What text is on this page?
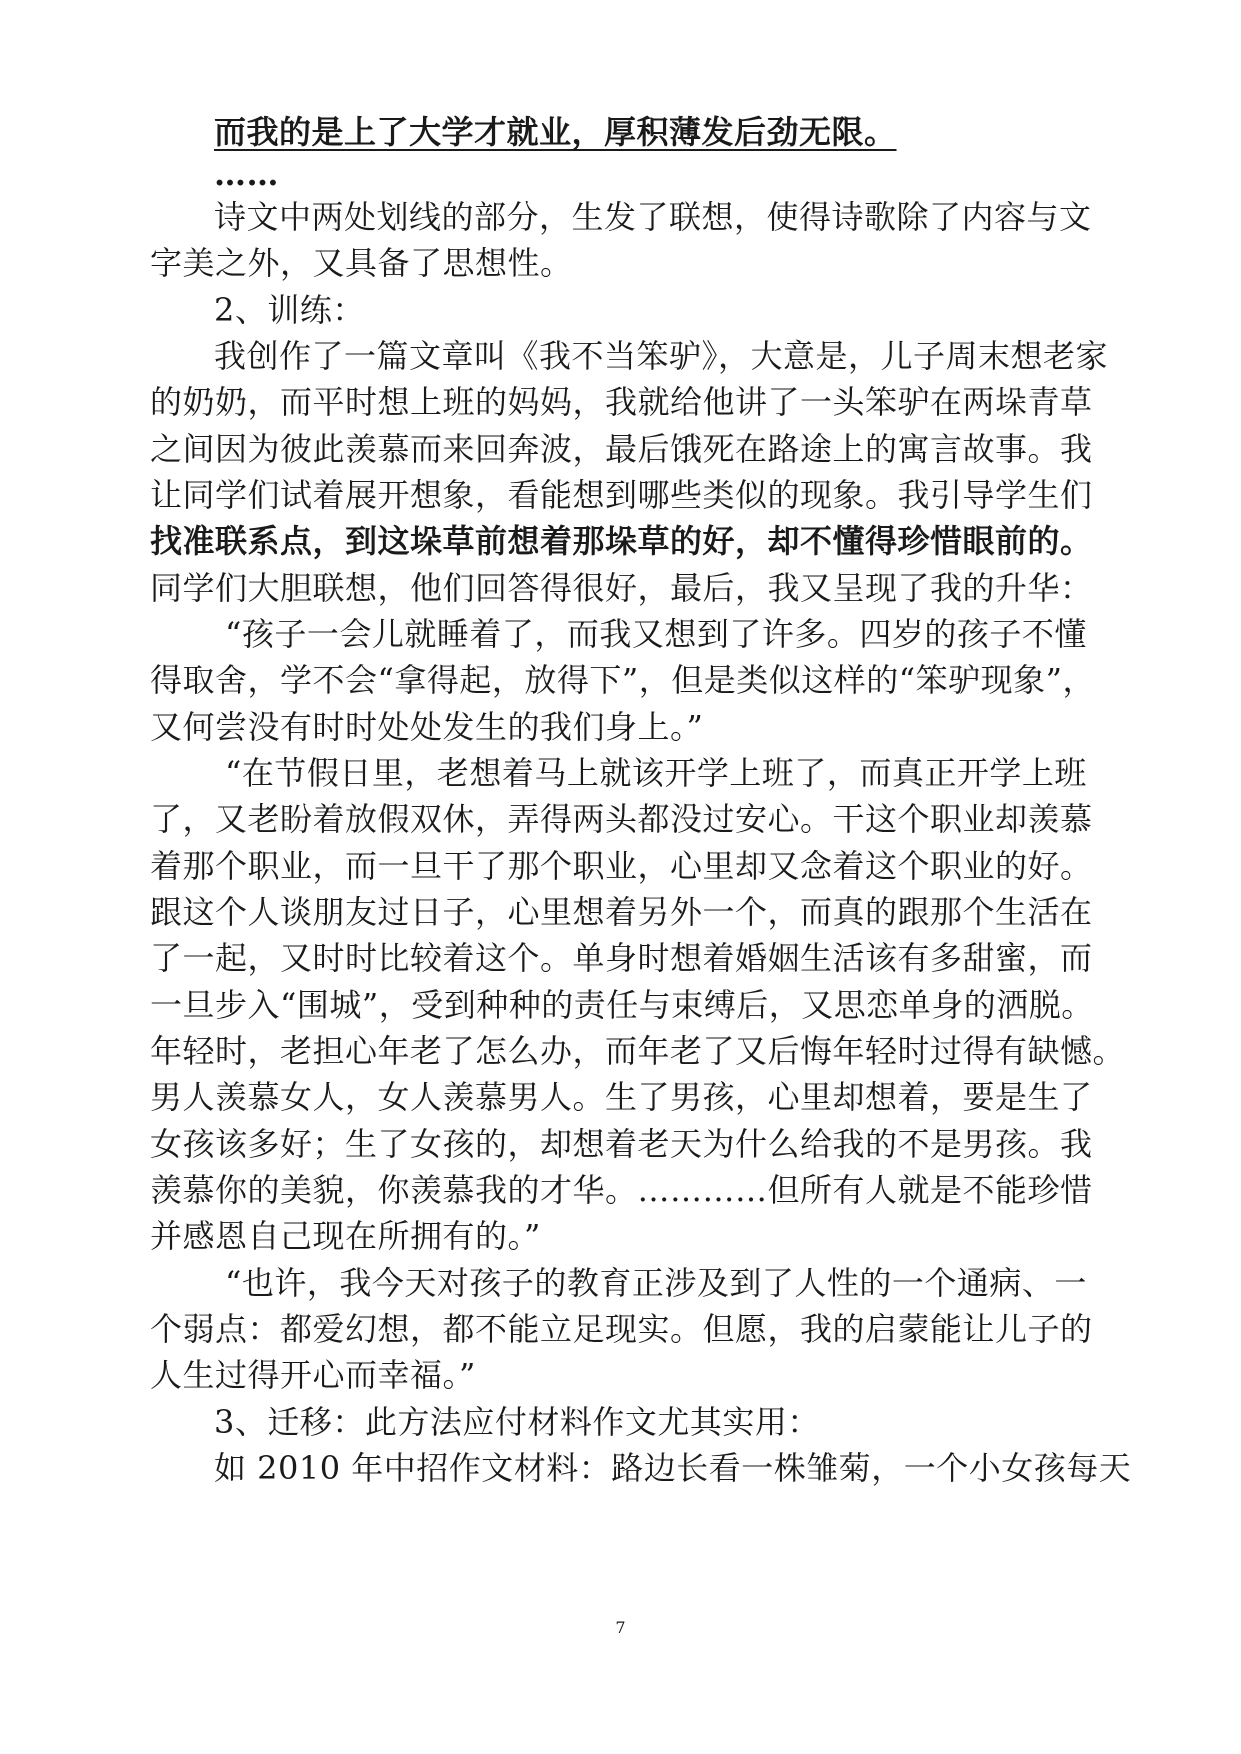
而我的是上了大学才就业，厚积薄发后劲无限。
……
诗文中两处划线的部分，生发了联想，使得诗歌除了内容与文
字美之外，又具备了思想性。
2、训练：
我创作了一篇文章叫《我不当笨驴》，大意是，儿子周末想老家
的奶奶，而平时想上班的妈妈，我就给他讲了一头笨驴在两垛青草
之间因为彼此羡慕而来回奔波，最后饿死在路途上的寓言故事。我
让同学们试着展开想象，看能想到哪些类似的现象。我引导学生们
找准联系点，到这垛草前想着那垛草的好，却不懂得珍惜眼前的。
同学们大胆联想，他们回答得很好，最后，我又呈现了我的升华：
“孩子一会儿就睡着了，而我又想到了许多。四岁的孩子不懂
得取舍，学不会“拿得起，放得下”，但是类似这样的“笨驴现象”，
又何尝没有时时处处发生的我们身上。”
“在节假日里，老想着马上就该开学上班了，而真正开学上班
了，又老盼着放假双休，弄得两头都没过安心。干这个职业却羡慕
着那个职业，而一旦干了那个职业，心里却又念着这个职业的好。
跟这个人谈朋友过日子，心里想着另外一个，而真的跟那个生活在
了一起，又时时比较着这个。单身时想着婚姻生活该有多甜蜜，而
一旦步入“围城”，受到种种的责任与束缚后，又思恋单身的洒脱。
年轻时，老担心年老了怎么办，而年老了又后悔年轻时过得有缺憾。
男人羡慕女人，女人羡慕男人。生了男孩，心里却想着，要是生了
女孩该多好；生了女孩的，却想着老天为什么给我的不是男孩。我
羡慕你的美貌，你羡慕我的才华。…………但所有人就是不能珍惜
并感恩自己现在所拥有的。”
“也许，我今天对孩子的教育正涉及到了人性的一个通病、一
个弱点：都爱幻想，都不能立足现实。但愿，我的启蒙能让儿子的
人生过得开心而幸福。”
3、迁移：此方法应付材料作文尤其实用：
如 2010 年中招作文材料：路边长看一株雏菊，一个小女孩每天
7
